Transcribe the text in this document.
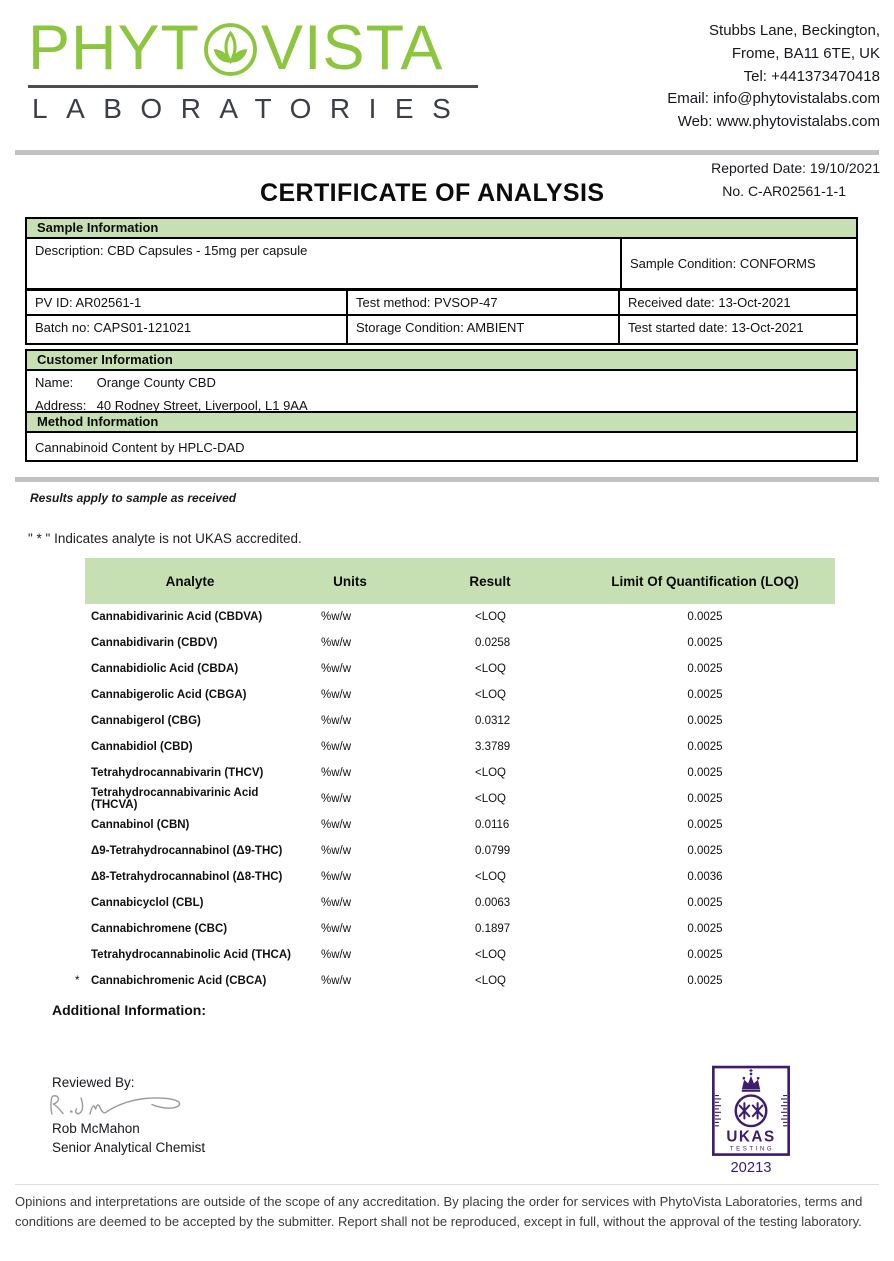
PHYT VISTA
LABORATORIES
Stubbs Lane, Beckington,
Frome, BA11 6TE, UK
Tel: +441373470418
Email: info@phytovistalabs.com
Web: www.phytovistalabs.com
Reported Date: 19/10/2021
No. C-AR02561-1-1
CERTIFICATE OF ANALYSIS
Sample Information
Description: CBD Capsules - 15mg per capsule
Sample Condition: CONFORMS
PV ID: AR02561-1	Test method: PVSOP-47	Received date: 13-Oct-2021
Batch no: CAPS01-121021	Storage Condition: AMBIENT	Test started date: 13-Oct-2021
Customer Information
Name: Orange County CBD
Address: 40 Rodney Street, Liverpool, L1 9AA
Method Information
Cannabinoid Content by HPLC-DAD
Results apply to sample as received
" * " Indicates analyte is not UKAS accredited.
Analyte	Units	Result	Limit Of Quantification (LOQ)
Cannabidivarinic Acid (CBDVA)	%w/w	<LOQ	0.0025
Cannabidivarin (CBDV)	%w/w	0.0258	0.0025
Cannabidiolic Acid (CBDA)	%w/w	<LOQ	0.0025
Cannabigerolic Acid (CBGA)	%w/w	<LOQ	0.0025
Cannabigerol (CBG)	%w/w	0.0312	0.0025
Cannabidiol (CBD)	%w/w	3.3789	0.0025
Tetrahydrocannabivarin (THCV)	%w/w	<LOQ	0.0025
Tetrahydrocannabivarinic Acid (THCVA)	%w/w	<LOQ	0.0025
Cannabinol (CBN)	%w/w	0.0116	0.0025
Δ9-Tetrahydrocannabinol (Δ9-THC)	%w/w	0.0799	0.0025
Δ8-Tetrahydrocannabinol (Δ8-THC)	%w/w	<LOQ	0.0036
Cannabicyclol (CBL)	%w/w	0.0063	0.0025
Cannabichromene (CBC)	%w/w	0.1897	0.0025
Tetrahydrocannabinolic Acid (THCA)	%w/w	<LOQ	0.0025
* Cannabichromenic Acid (CBCA)	%w/w	<LOQ	0.0025
Additional Information:
Reviewed By:
Rob McMahon
Senior Analytical Chemist
UKAS
TESTING
20213
Opinions and interpretations are outside of the scope of any accreditation. By placing the order for services with PhytoVista Laboratories, terms and conditions are deemed to be accepted by the submitter. Report shall not be reproduced, except in full, without the approval of the testing laboratory.
